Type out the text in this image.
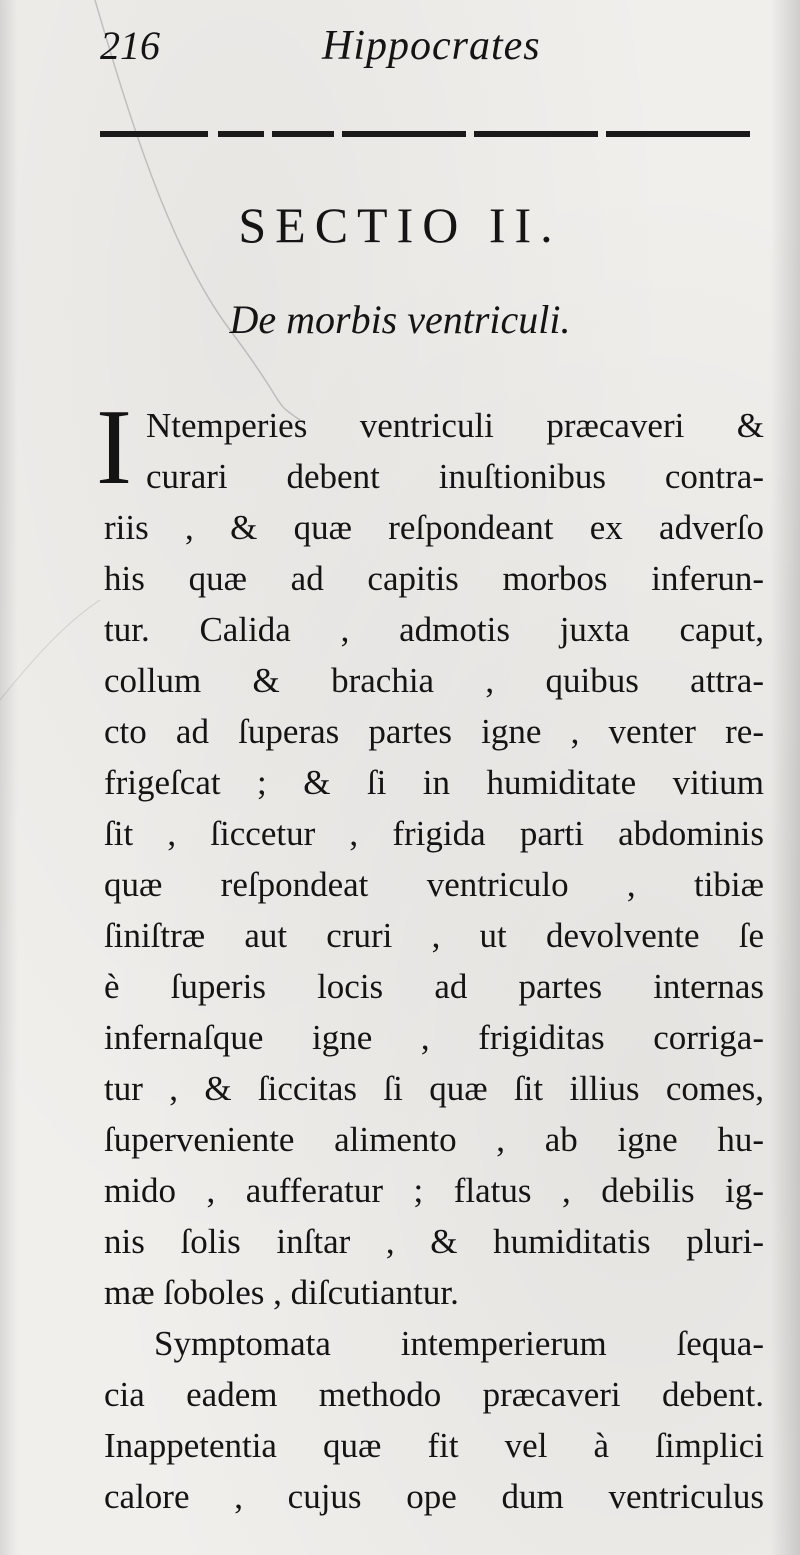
216	Hippocrates
SECTIO II.
De morbis ventriculi.
I Ntemperies ventriculi præcaveri &
curari debent inuſtionibus contra-
riis , & quæ reſpondeant ex adverſo
his quæ ad capitis morbos inferun-
tur. Calida , admotis juxta caput,
collum & brachia , quibus attra-
cto ad ſuperas partes igne , venter re-
frigeſcat ; & ſi in humiditate vitium
ſit , ſiccetur , frigida parti abdominis
quæ reſpondeat ventriculo , tibiæ
ſiniſtræ aut cruri , ut devolvente ſe
è ſuperis locis ad partes internas
infernaſque igne , frigiditas corriga-
tur , & ſiccitas ſi quæ ſit illius comes,
ſuperveniente alimento , ab igne hu-
mido , aufferatur ; flatus , debilis ig-
nis ſolis inſtar , & humiditatis pluri-
mæ ſoboles , diſcutiantur.
Symptomata intemperierum ſequa-
cia eadem methodo præcaveri debent.
Inappetentia quæ fit vel à ſimplici
calore , cujus ope dum ventriculus
